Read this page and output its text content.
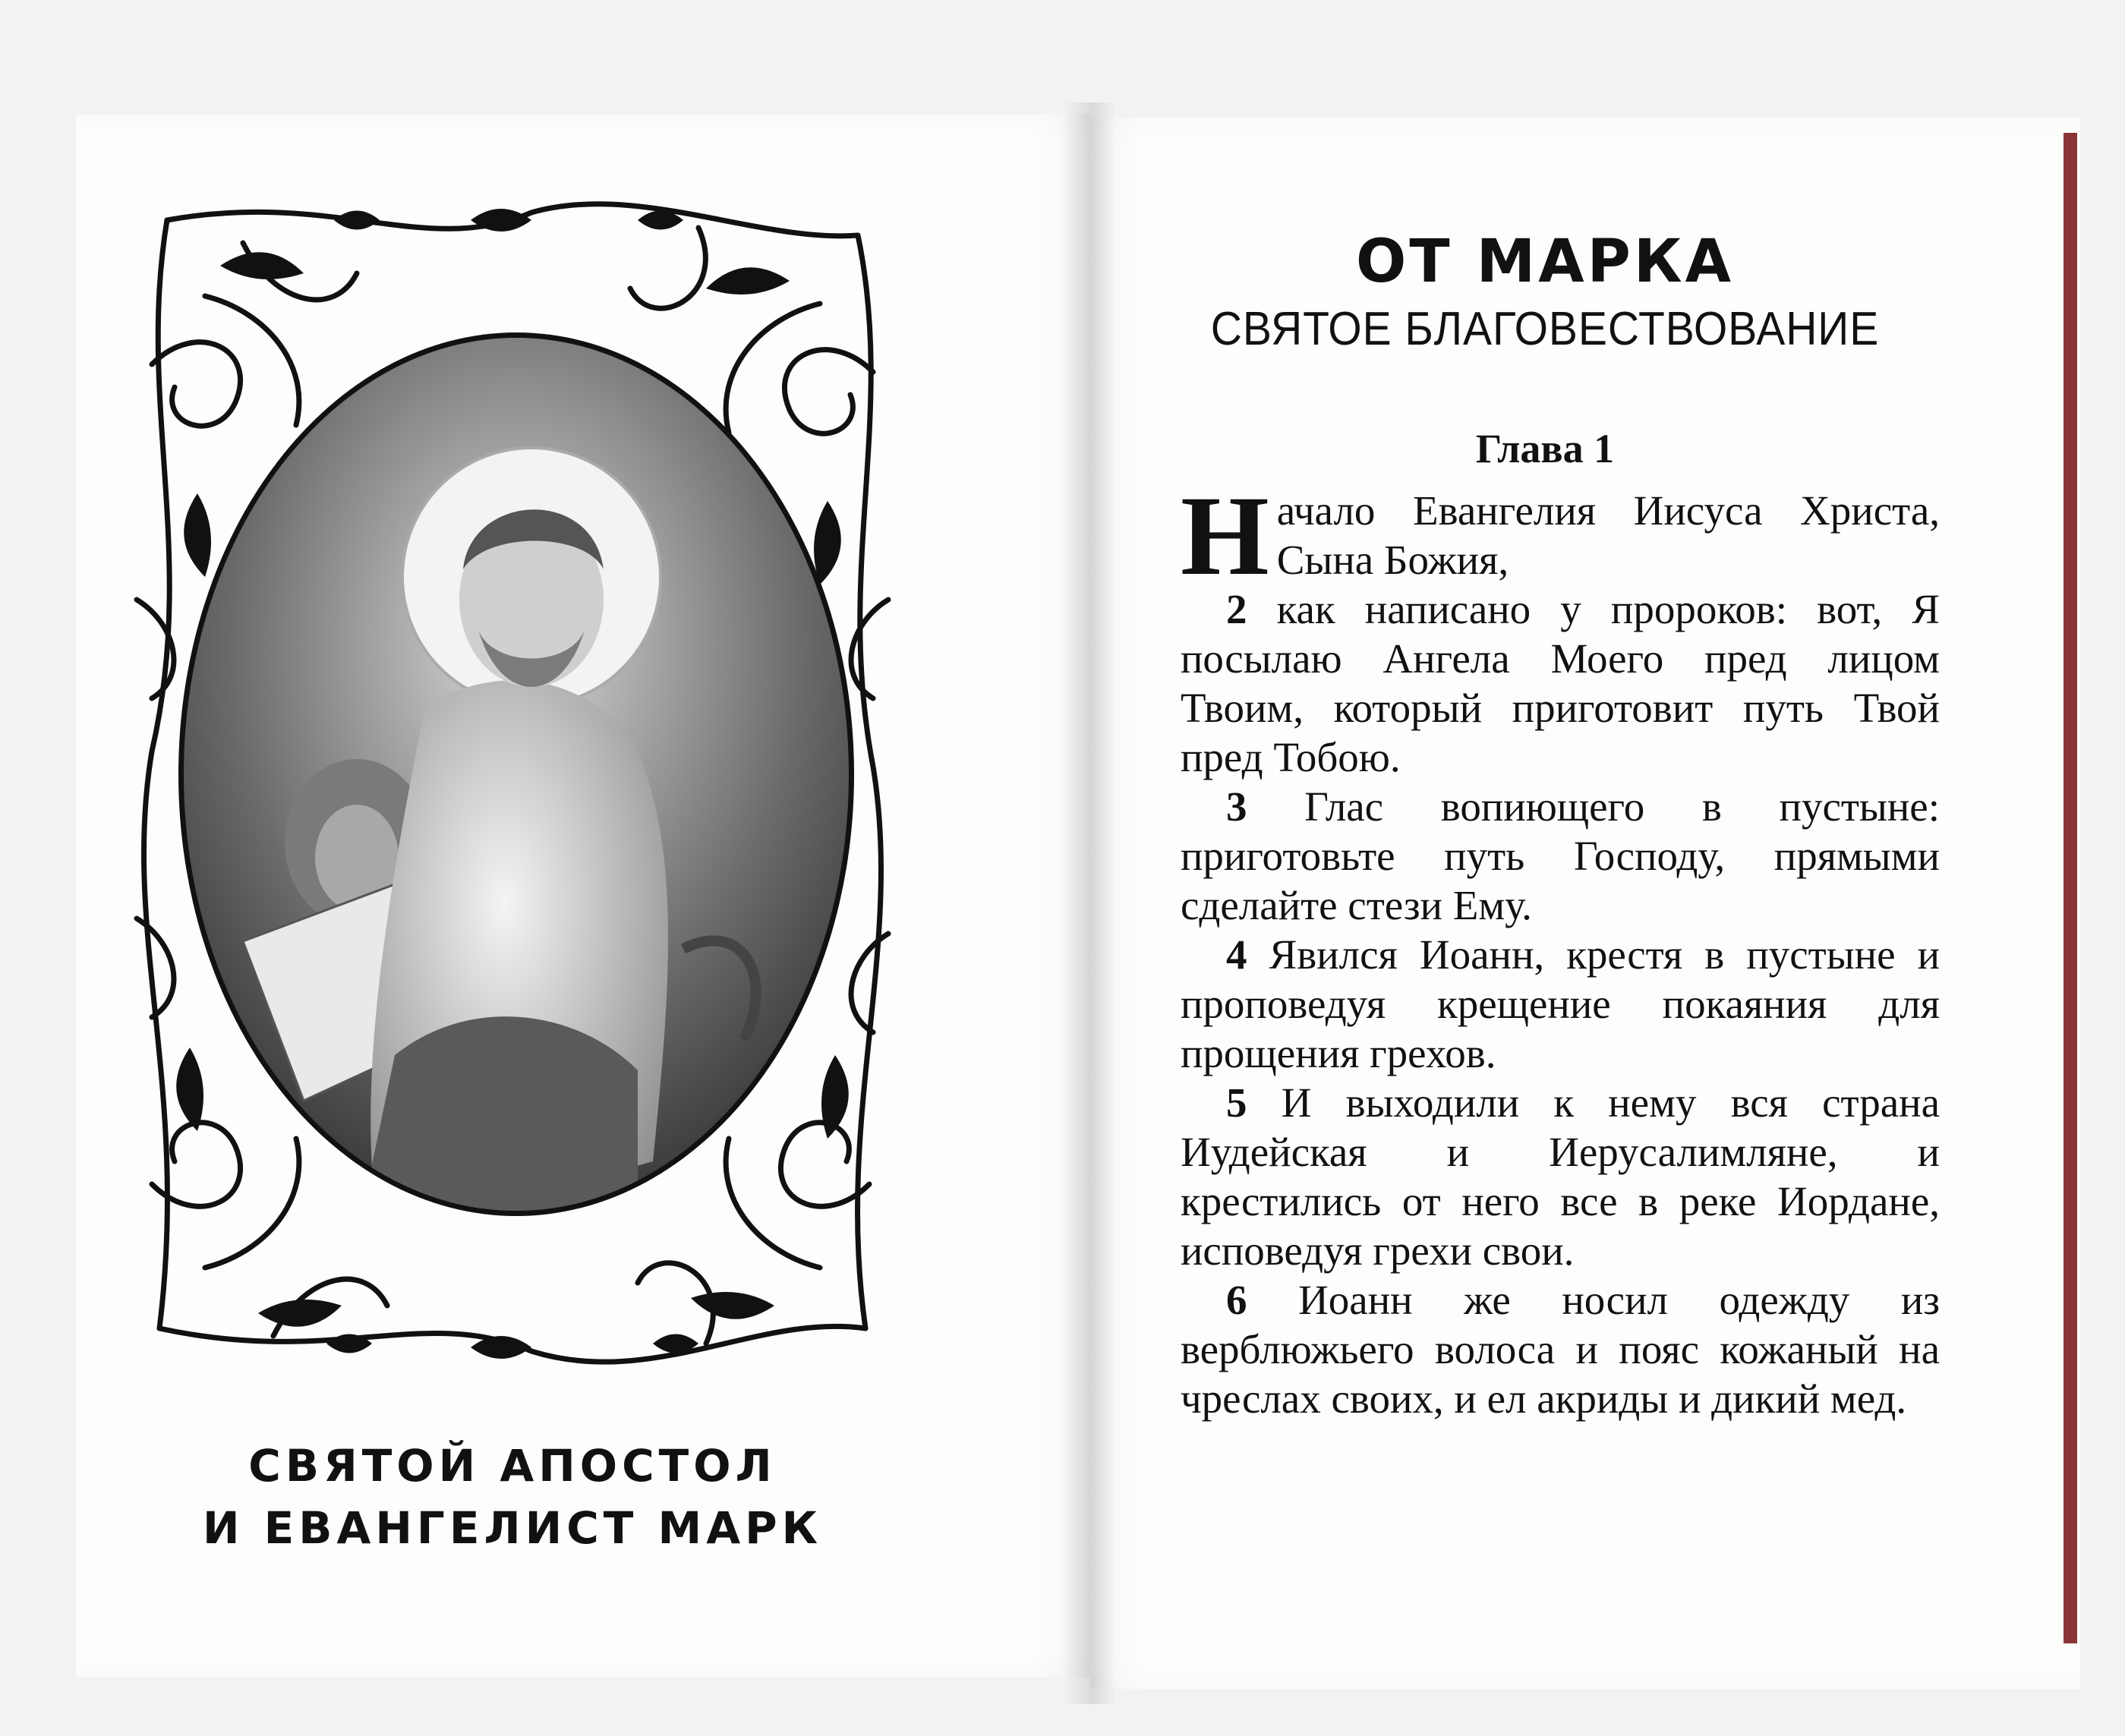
СВЯТОЙ АПОСТОЛ
И ЕВАНГЕЛИСТ МАРК
ОТ МАРКА
СВЯТОЕ БЛАГОВЕСТВОВАНИЕ
Глава 1

Начало Евангелия Иисуса Христа, Сына Божия,

2 как написано у пророков: вот, Я посылаю Ангела Моего пред лицом Твоим, который приготовит путь Твой пред Тобою.

3 Глас вопиющего в пустыне: приготовьте путь Господу, прямыми сделайте стези Ему.

4 Явился Иоанн, крестя в пустыне и проповедуя крещение покаяния для прощения грехов.

5 И выходили к нему вся страна Иудейская и Иерусалимляне, и крестились от него все в реке Иордане, исповедуя грехи свои.

6 Иоанн же носил одежду из верблюжьего волоса и пояс кожаный на чреслах своих, и ел акриды и дикий мед.
